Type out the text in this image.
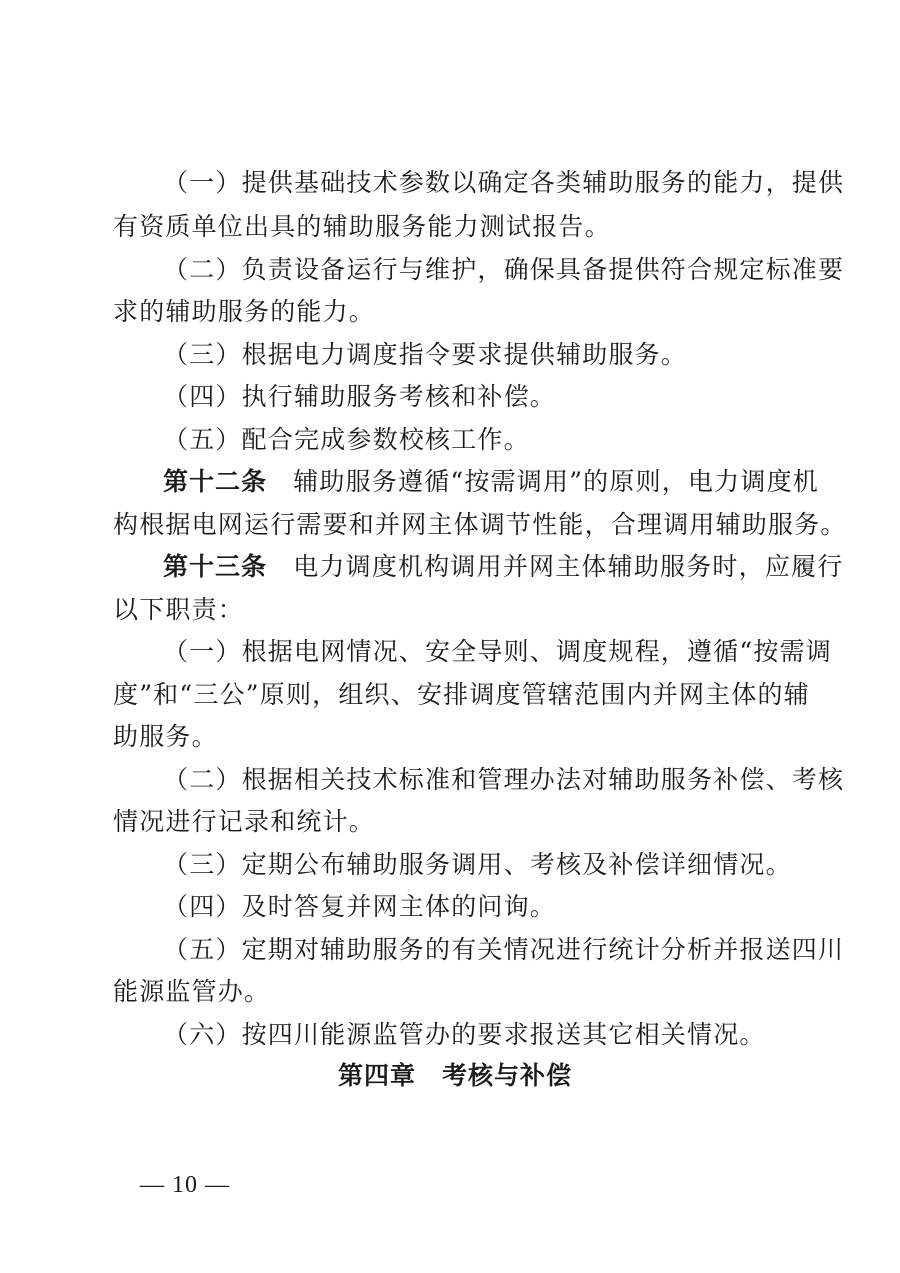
（一）提供基础技术参数以确定各类辅助服务的能力，提供
有资质单位出具的辅助服务能力测试报告。
（二）负责设备运行与维护，确保具备提供符合规定标准要
求的辅助服务的能力。
（三）根据电力调度指令要求提供辅助服务。
（四）执行辅助服务考核和补偿。
（五）配合完成参数校核工作。
第十二条　 辅助服务遵循“按需调用”的原则，电力调度机
构根据电网运行需要和并网主体调节性能，合理调用辅助服务。
第十三条　 电力调度机构调用并网主体辅助服务时，应履行
以下职责：
（一）根据电网情况、安全导则、调度规程，遵循“按需调
度”和“三公”原则，组织、安排调度管辖范围内并网主体的辅
助服务。
（二）根据相关技术标准和管理办法对辅助服务补偿、考核
情况进行记录和统计。
（三）定期公布辅助服务调用、考核及补偿详细情况。
（四）及时答复并网主体的问询。
（五）定期对辅助服务的有关情况进行统计分析并报送四川
能源监管办。
（六）按四川能源监管办的要求报送其它相关情况。
第四章　考核与补偿
— 10 —
